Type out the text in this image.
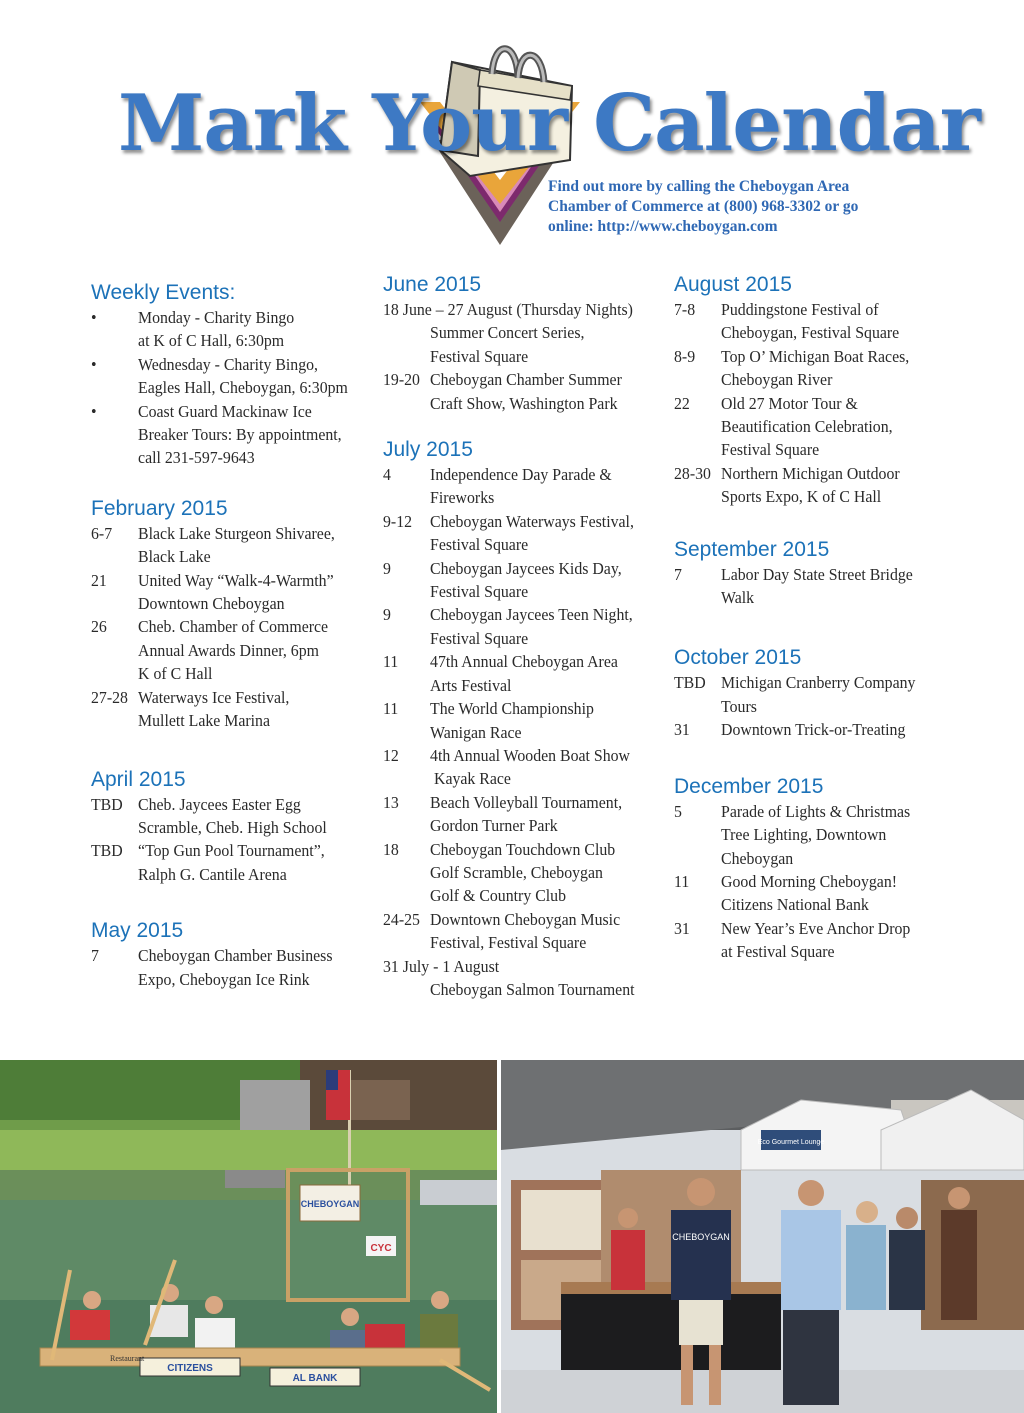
Mark Your Calendar
Find out more by calling the Cheboygan Area
Chamber of Commerce at (800) 968-3302 or go
online: http://www.cheboygan.com
Weekly Events:
•	Monday - Charity Bingo
at K of C Hall, 6:30pm
•	Wednesday - Charity Bingo,
Eagles Hall, Cheboygan, 6:30pm
•	Coast Guard Mackinaw Ice
Breaker Tours: By appointment,
call 231-597-9643
February 2015
6-7	Black Lake Sturgeon Shivaree,
Black Lake
21	United Way “Walk-4-Warmth”
Downtown Cheboygan
26	Cheb. Chamber of Commerce
Annual Awards Dinner, 6pm
K of C Hall
27-28 Waterways Ice Festival,
Mullett Lake Marina
April 2015
TBD Cheb. Jaycees Easter Egg
Scramble, Cheb. High School
TBD “Top Gun Pool Tournament”,
Ralph G. Cantile Arena
May 2015
7	Cheboygan Chamber Business
Expo, Cheboygan Ice Rink
June 2015
18 June – 27 August (Thursday Nights)
Summer Concert Series,
Festival Square
19-20 Cheboygan Chamber Summer
Craft Show, Washington Park
July 2015
4	Independence Day Parade &
Fireworks
9-12	Cheboygan Waterways Festival,
Festival Square
9	Cheboygan Jaycees Kids Day,
Festival Square
9	Cheboygan Jaycees Teen Night,
Festival Square
11	47th Annual Cheboygan Area
Arts Festival
11	The World Championship
Wanigan Race
12	4th Annual Wooden Boat Show
Kayak Race
13	Beach Volleyball Tournament,
Gordon Turner Park
18	Cheboygan Touchdown Club
Golf Scramble, Cheboygan
Golf & Country Club
24-25 Downtown Cheboygan Music
Festival, Festival Square
31 July - 1 August
Cheboygan Salmon Tournament
August 2015
7-8	Puddingstone Festival of
Cheboygan, Festival Square
8-9	Top O’ Michigan Boat Races,
Cheboygan River
22	Old 27 Motor Tour &
Beautification Celebration,
Festival Square
28-30 Northern Michigan Outdoor
Sports Expo, K of C Hall
September 2015
7	Labor Day State Street Bridge
Walk
October 2015
TBD Michigan Cranberry Company
Tours
31	Downtown Trick-or-Treating
December 2015
5	Parade of Lights & Christmas
Tree Lighting, Downtown
Cheboygan
11	Good Morning Cheboygan!
Citizens National Bank
31	New Year’s Eve Anchor Drop
at Festival Square
CHEBOYGAN
CYC
CITIZENS
AL BANK
Restaurant
Eco Gourmet Lounge
CHEBOYGAN
